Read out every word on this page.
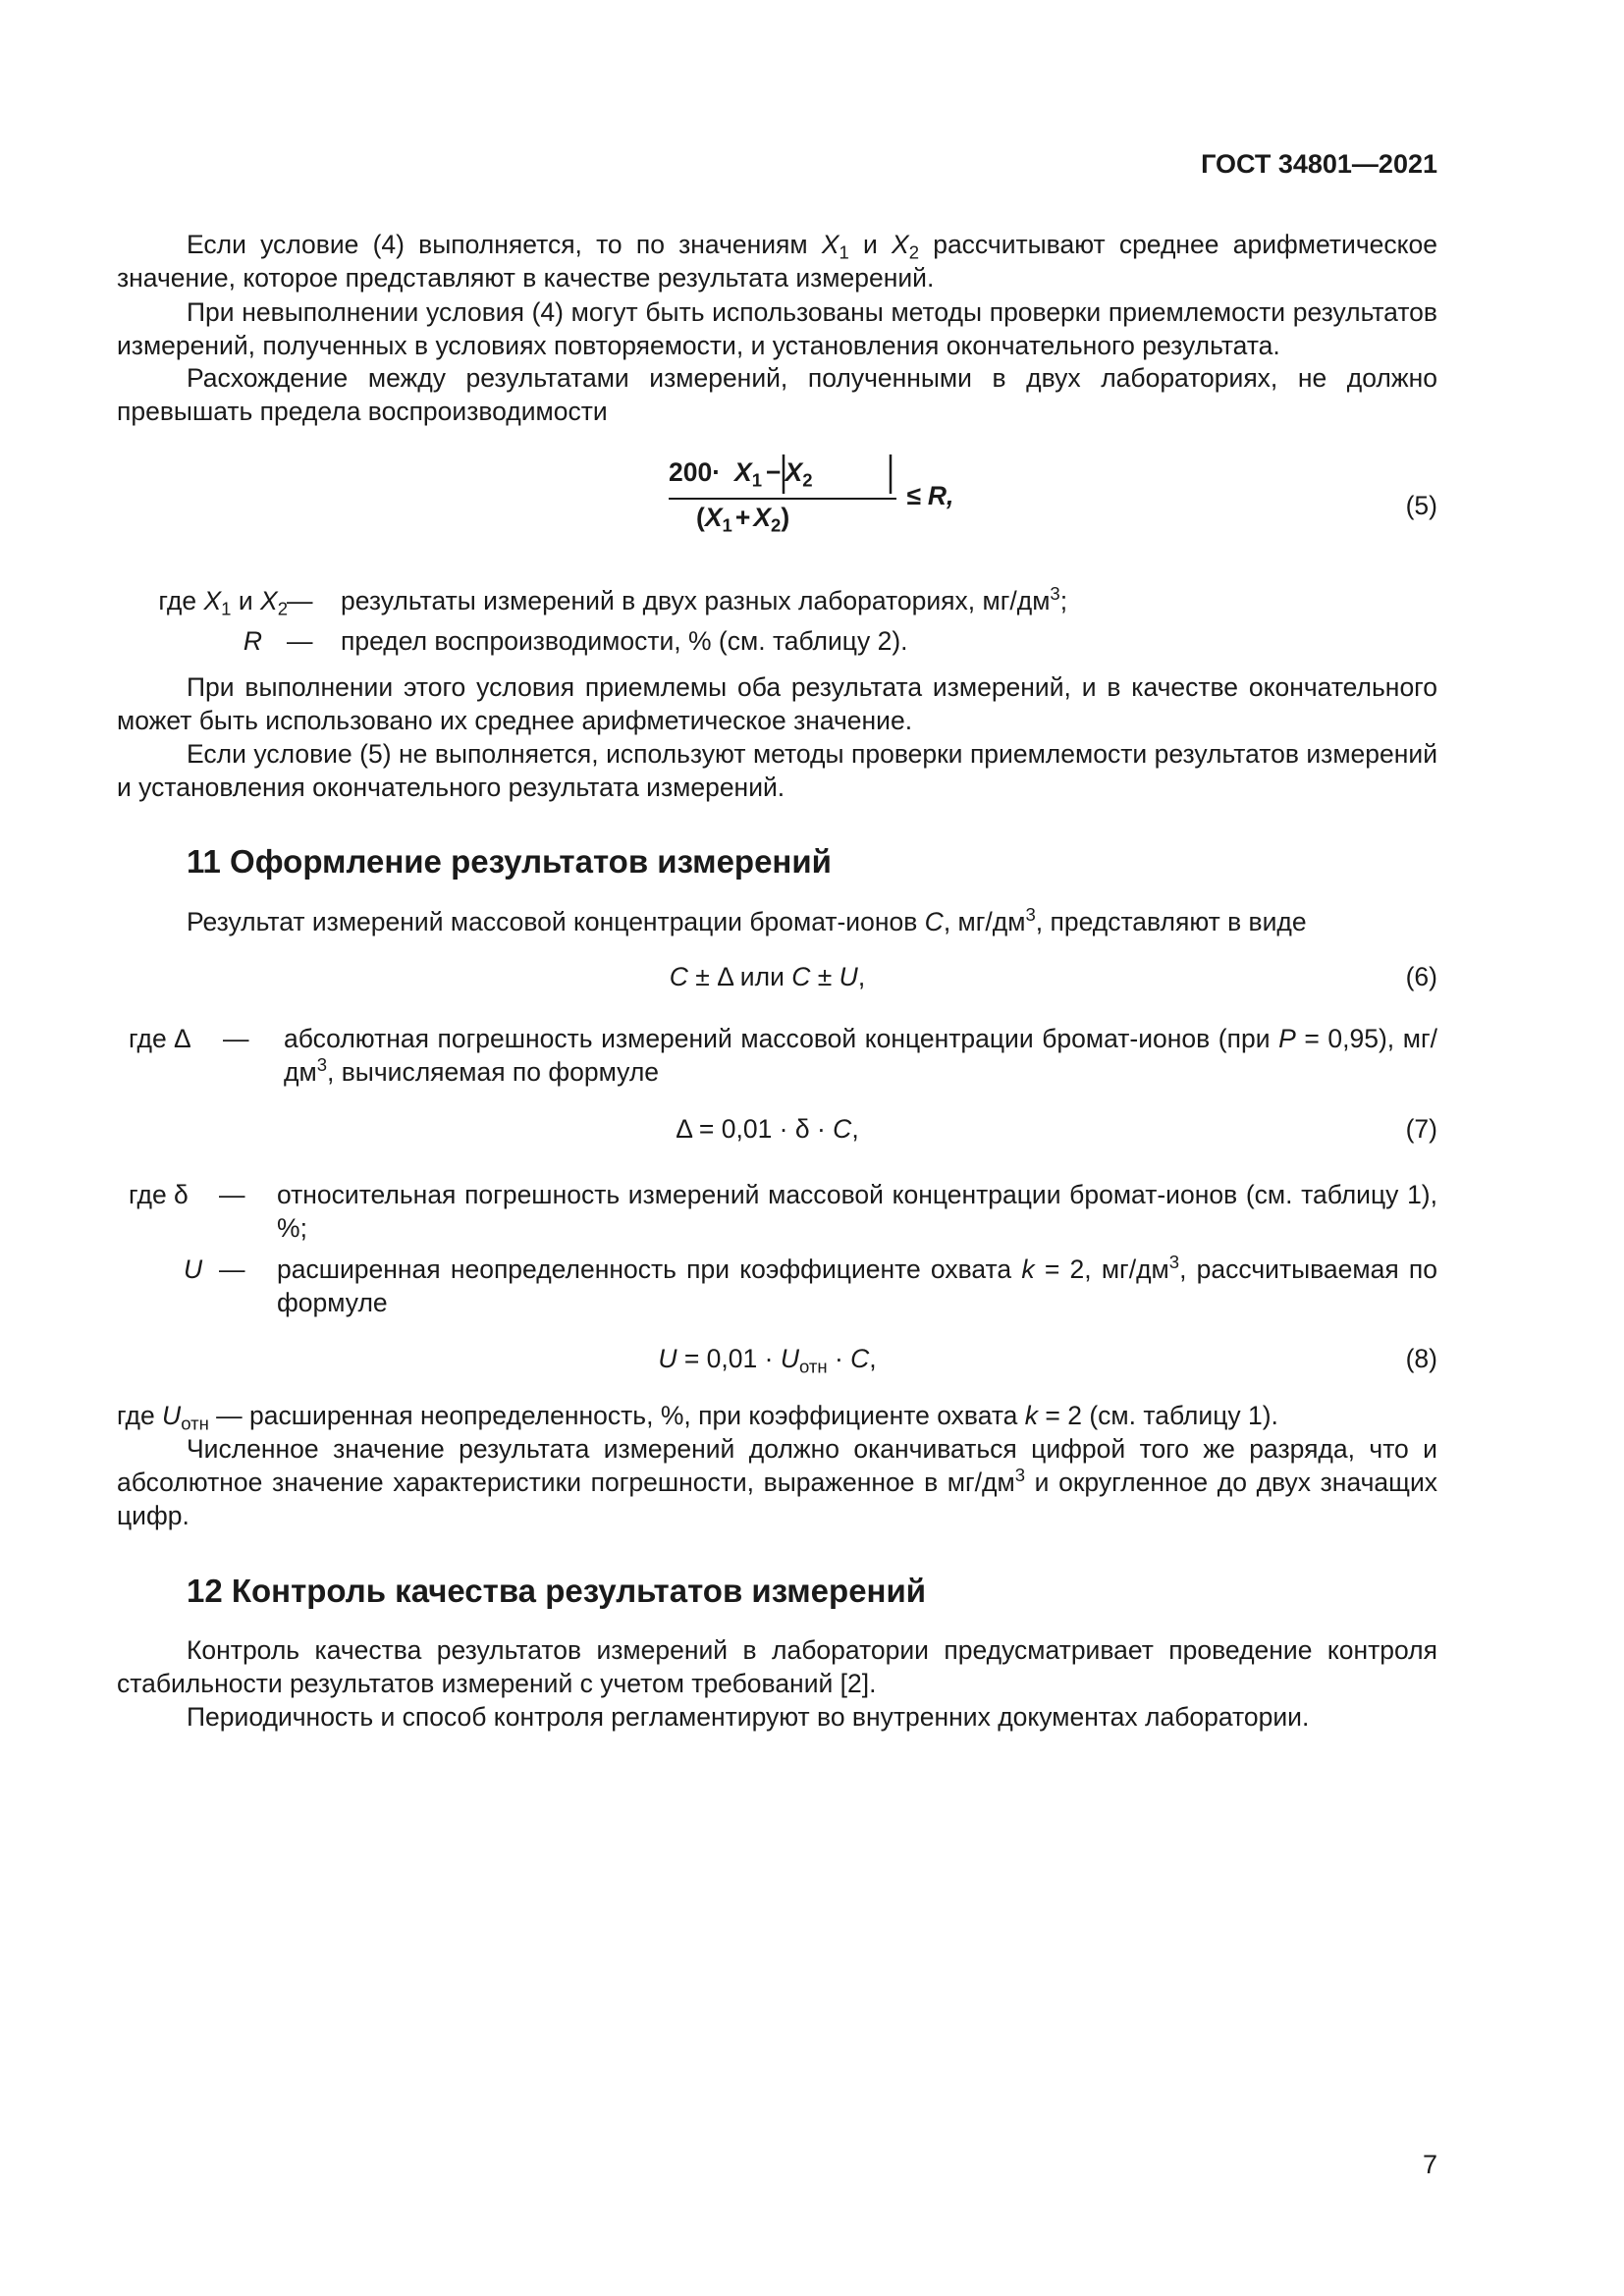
ГОСТ 34801—2021

Если условие (4) выполняется, то по значениям $X_1$ и $X_2$ рассчитывают среднее арифметическое значение, которое представляют в качестве результата измерений.

При невыполнении условия (4) могут быть использованы методы проверки приемлемости результатов измерений, полученных в условиях повторяемости, и установления окончательного результата.

Расхождение между результатами измерений, полученными в двух лабораториях, не должно превышать предела воспроизводимости

$200\cdot X_1 - X_2$
$(X_1 + X_2)$
≤ R,	(5)
где $X_1$ и $X_2$ — результаты измерений в двух разных лабораториях, $мг/дм^3$;
R — предел воспроизводимости, % (см. таблицу 2).

При выполнении этого условия приемлемы оба результата измерений, и в качестве окончательного может быть использовано их среднее арифметическое значение.

Если условие (5) не выполняется, используют методы проверки приемлемости результатов измерений и установления окончательного результата измерений.

11 Оформление результатов измерений

Результат измерений массовой концентрации бромат-ионов C, $мг/дм^3$, представляют в виде

C ± Δ или C ± U,	(6)
где Δ	— абсолютная погрешность измерений массовой концентрации бромат-ионов (при P = 0,95), $мг/дм^3$, вычисляемая по формуле
Δ = 0,01 · δ · C,	(7)
где δ	— относительная погрешность измерений массовой концентрации бромат-ионов (см. таблицу 1), %;
U — расширенная неопределенность при коэффициенте охвата k = 2, $мг/дм^3$, рассчитываемая по формуле
$U = 0,01 \cdot U_{отн} \cdot C$,	(8)

где $U_{отн}$ — расширенная неопределенность, %, при коэффициенте охвата k = 2 (см. таблицу 1).

Численное значение результата измерений должно оканчиваться цифрой того же разряда, что и абсолютное значение характеристики погрешности, выраженное в $мг/дм^3$ и округленное до двух значащих цифр.

12 Контроль качества результатов измерений

Контроль качества результатов измерений в лаборатории предусматривает проведение контроля стабильности результатов измерений с учетом требований [2].

Периодичность и способ контроля регламентируют во внутренних документах лаборатории.

7
